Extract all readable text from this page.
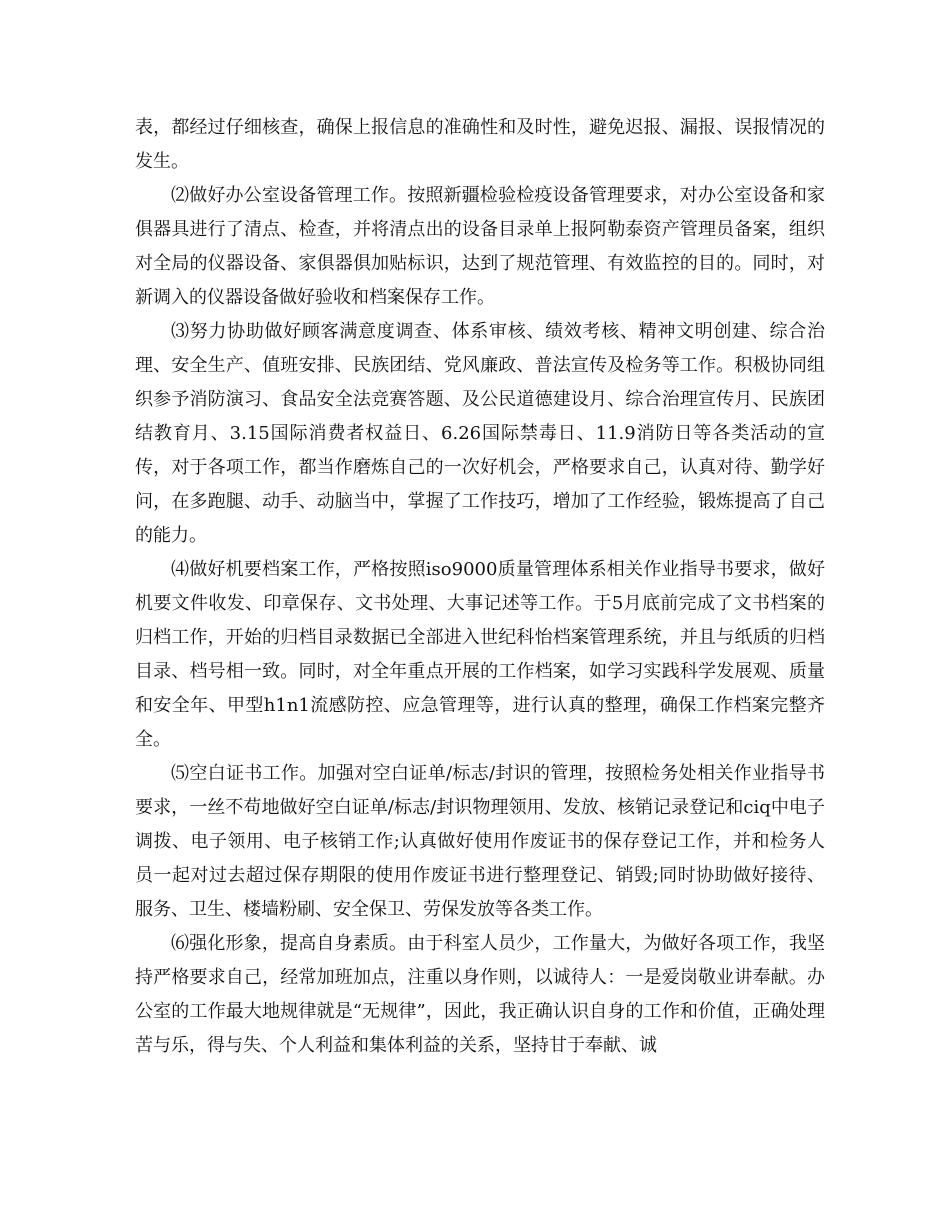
表，都经过仔细核查，确保上报信息的准确性和及时性，避免迟报、漏报、误报情况的发生。

⑵做好办公室设备管理工作。按照新疆检验检疫设备管理要求，对办公室设备和家俱器具进行了清点、检查，并将清点出的设备目录单上报阿勒泰资产管理员备案，组织对全局的仪器设备、家俱器俱加贴标识，达到了规范管理、有效监控的目的。同时，对新调入的仪器设备做好验收和档案保存工作。

⑶努力协助做好顾客满意度调查、体系审核、绩效考核、精神文明创建、综合治理、安全生产、值班安排、民族团结、党风廉政、普法宣传及检务等工作。积极协同组织参予消防演习、食品安全法竞赛答题、及公民道德建设月、综合治理宣传月、民族团结教育月、3.15国际消费者权益日、6.26国际禁毒日、11.9消防日等各类活动的宣传，对于各项工作，都当作磨炼自己的一次好机会，严格要求自己，认真对待、勤学好问，在多跑腿、动手、动脑当中，掌握了工作技巧，增加了工作经验，锻炼提高了自己的能力。

⑷做好机要档案工作，严格按照iso9000质量管理体系相关作业指导书要求，做好机要文件收发、印章保存、文书处理、大事记述等工作。于5月底前完成了文书档案的归档工作，开始的归档目录数据已全部进入世纪科怡档案管理系统，并且与纸质的归档目录、档号相一致。同时，对全年重点开展的工作档案，如学习实践科学发展观、质量和安全年、甲型h1n1流感防控、应急管理等，进行认真的整理，确保工作档案完整齐全。

⑸空白证书工作。加强对空白证单/标志/封识的管理，按照检务处相关作业指导书要求，一丝不苟地做好空白证单/标志/封识物理领用、发放、核销记录登记和ciq中电子调拨、电子领用、电子核销工作;认真做好使用作废证书的保存登记工作，并和检务人员一起对过去超过保存期限的使用作废证书进行整理登记、销毁;同时协助做好接待、服务、卫生、楼墙粉刷、安全保卫、劳保发放等各类工作。

⑹强化形象，提高自身素质。由于科室人员少，工作量大，为做好各项工作，我坚持严格要求自己，经常加班加点，注重以身作则，以诚待人：一是爱岗敬业讲奉献。办公室的工作最大地规律就是“无规律”，因此，我正确认识自身的工作和价值，正确处理苦与乐，得与失、个人利益和集体利益的关系，坚持甘于奉献、诚
